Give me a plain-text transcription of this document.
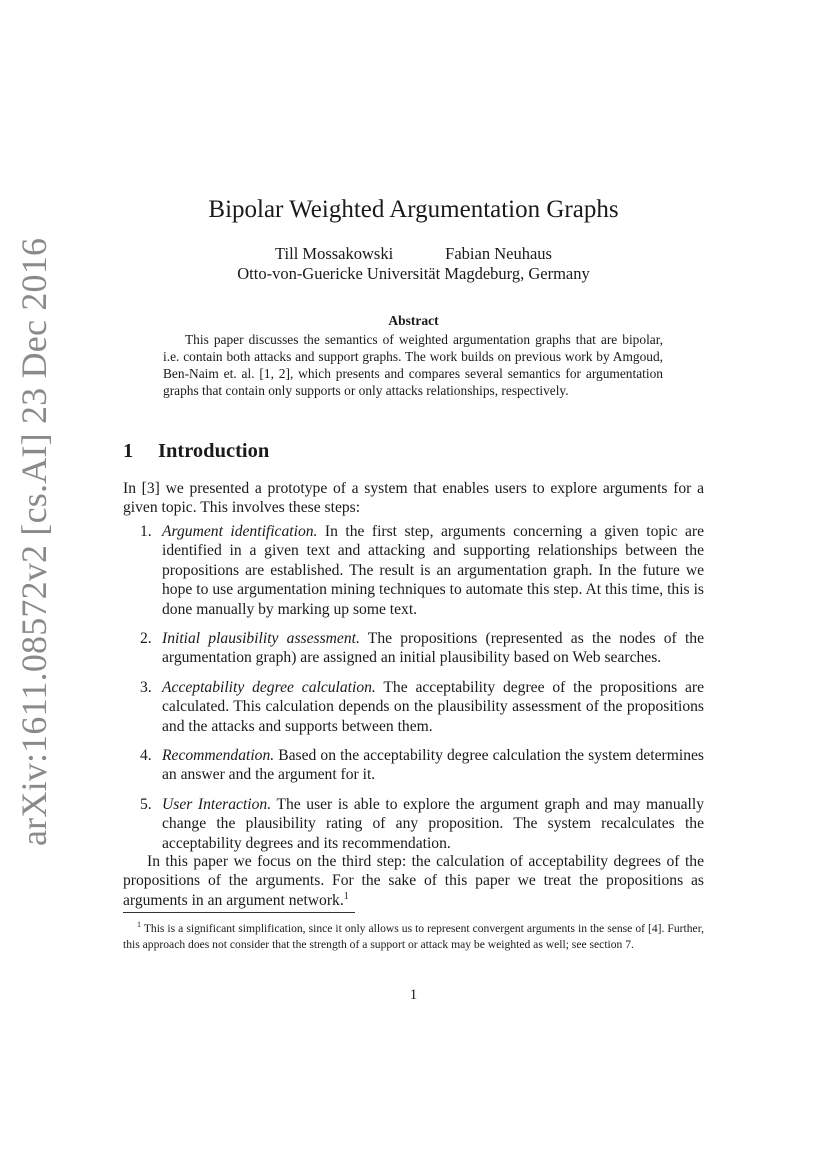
arXiv:1611.08572v2 [cs.AI] 23 Dec 2016
Bipolar Weighted Argumentation Graphs
Till Mossakowski	Fabian Neuhaus
Otto-von-Guericke Universität Magdeburg, Germany
Abstract
This paper discusses the semantics of weighted argumentation graphs that are bipolar, i.e. contain both attacks and support graphs. The work builds on previous work by Amgoud, Ben-Naim et. al. [1, 2], which presents and compares several semantics for argumentation graphs that contain only supports or only attacks relationships, respectively.
1 Introduction
In [3] we presented a prototype of a system that enables users to explore arguments for a given topic. This involves these steps:
1. Argument identification. In the first step, arguments concerning a given topic are identified in a given text and attacking and supporting relationships between the propositions are established. The result is an argumentation graph. In the future we hope to use argumentation mining techniques to automate this step. At this time, this is done manually by marking up some text.
2. Initial plausibility assessment. The propositions (represented as the nodes of the argumentation graph) are assigned an initial plausibility based on Web searches.
3. Acceptability degree calculation. The acceptability degree of the propositions are calculated. This calculation depends on the plausibility assessment of the propositions and the attacks and supports between them.
4. Recommendation. Based on the acceptability degree calculation the system determines an answer and the argument for it.
5. User Interaction. The user is able to explore the argument graph and may manually change the plausibility rating of any proposition. The system recalculates the acceptability degrees and its recommendation.
In this paper we focus on the third step: the calculation of acceptability degrees of the propositions of the arguments. For the sake of this paper we treat the propositions as arguments in an argument network.$^1$
$^1$ This is a significant simplification, since it only allows us to represent convergent arguments in the sense of [4]. Further, this approach does not consider that the strength of a support or attack may be weighted as well; see section 7.
1
